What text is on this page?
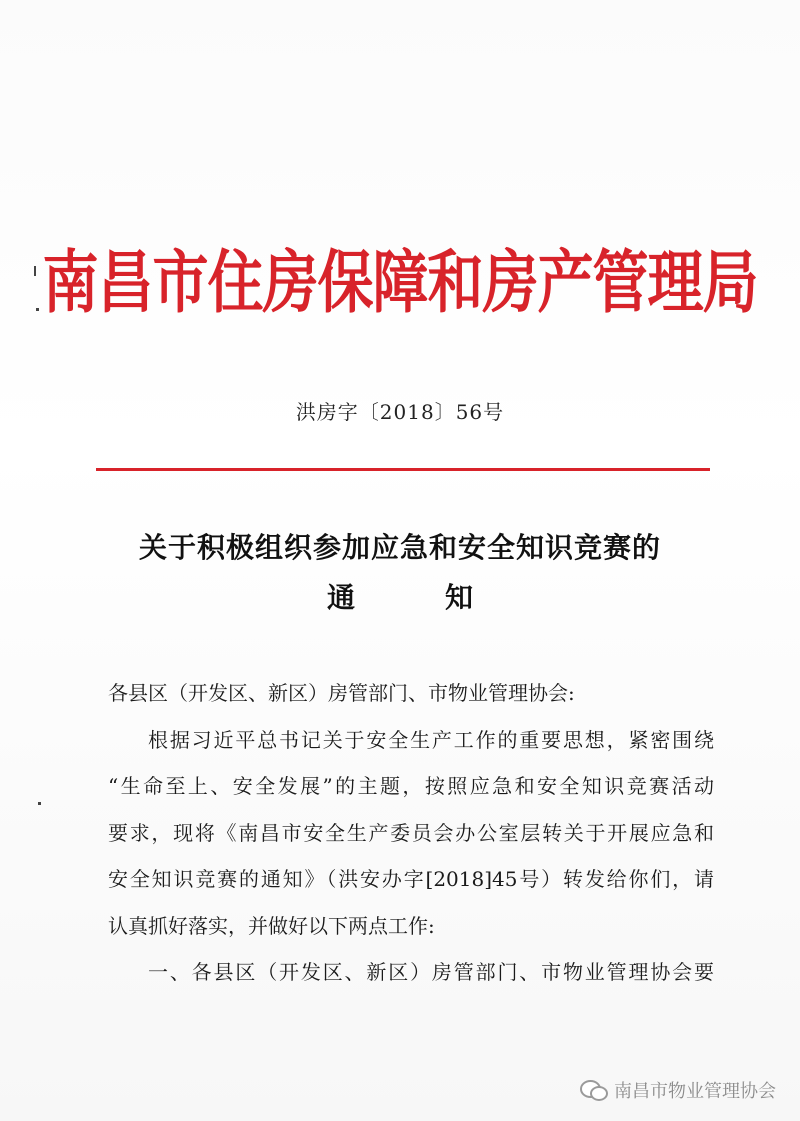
南昌市住房保障和房产管理局
洪房字〔2018〕56号
关于积极组织参加应急和安全知识竞赛的
通	知
各县区（开发区、新区）房管部门、市物业管理协会:
根据习近平总书记关于安全生产工作的重要思想，紧密围绕
“生命至上、安全发展”的主题，按照应急和安全知识竞赛活动
要求，现将《南昌市安全生产委员会办公室层转关于开展应急和
安全知识竞赛的通知》（洪安办字[2018]45号）转发给你们，请
认真抓好落实，并做好以下两点工作:
一、各县区（开发区、新区）房管部门、市物业管理协会要
南昌市物业管理协会
